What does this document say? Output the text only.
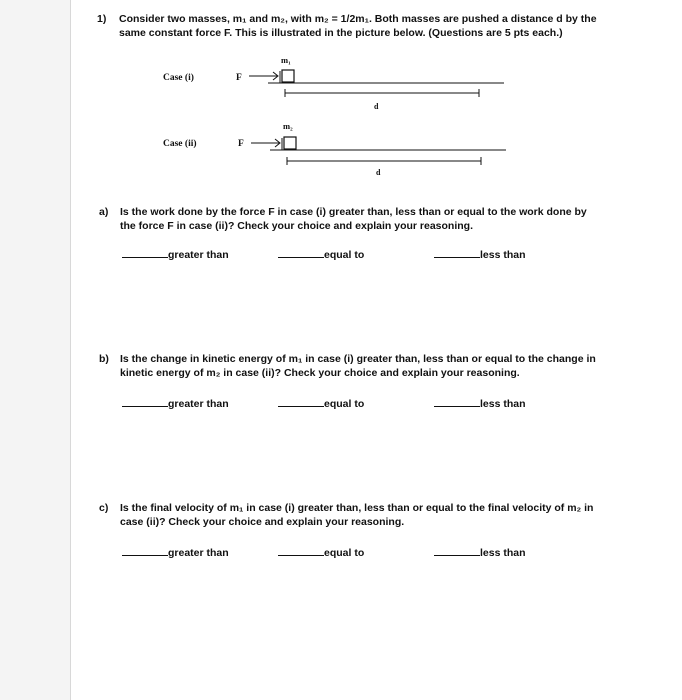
1) Consider two masses, m₁ and m₂, with m₂ = 1/2m₁. Both masses are pushed a distance d by the
same constant force F. This is illustrated in the picture below. (Questions are 5 pts each.)
Case (i)	F
m₁
d
Case (ii)	F
m₂
d
a) Is the work done by the force F in case (i) greater than, less than or equal to the work done by
the force F in case (ii)? Check your choice and explain your reasoning.
greater than	equal to	less than
b) Is the change in kinetic energy of m₁ in case (i) greater than, less than or equal to the change in
kinetic energy of m₂ in case (ii)? Check your choice and explain your reasoning.
greater than	equal to	less than
c) Is the final velocity of m₁ in case (i) greater than, less than or equal to the final velocity of m₂ in
case (ii)? Check your choice and explain your reasoning.
greater than	equal to	less than
